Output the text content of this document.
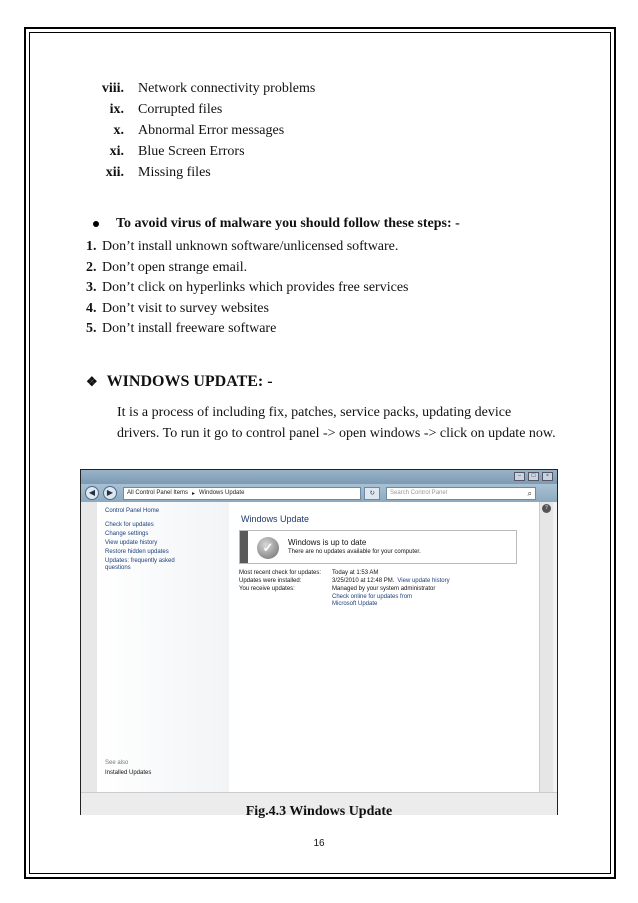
viii. Network connectivity problems
ix. Corrupted files
x. Abnormal Error messages
xi. Blue Screen Errors
xii. Missing files
To avoid virus of malware you should follow these steps: -
1. Don’t install unknown software/unlicensed software.
2. Don’t open strange email.
3. Don’t click on hyperlinks which provides free services
4. Don’t visit to survey websites
5. Don’t install freeware software
❖ WINDOWS UPDATE: -
It is a process of including fix, patches, service packs, updating device drivers. To run it go to control panel -> open windows -> click on update now.
–	□	×
◀	▶	All Control Panel Items ▸ Windows Update	↻	Search Control Panel	⌕
Control Panel Home
Check for updates
Change settings
View update history
Restore hidden updates
Updates: frequently asked
questions
See also
Installed Updates
Windows Update
✓	Windows is up to date
There are no updates available for your computer.
Most recent check for updates:	Today at 1:53 AM
Updates were installed:	3/25/2010 at 12:48 PM. View update history
You receive updates:	Managed by your system administrator
Check online for updates from Microsoft Update
?
Fig.4.3 Windows Update
16
